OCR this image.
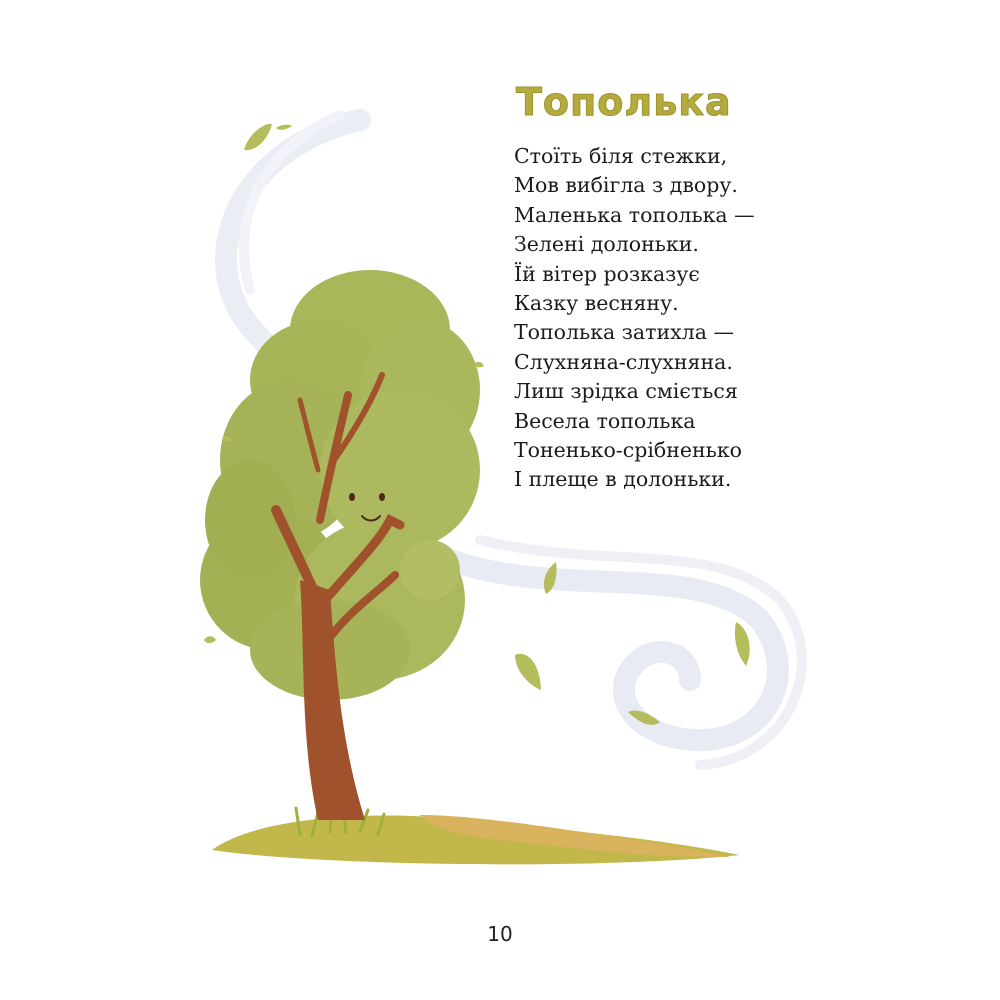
Тополька
Стоїть біля стежки,
Мов вибігла з двору.
Маленька тополька —
Зелені долоньки.
Їй вітер розказує
Казку весняну.
Тополька затихла —
Слухняна-слухняна.
Лиш зрідка сміється
Весела тополька
Тоненько-срібненько
І плеще в долоньки.
10
